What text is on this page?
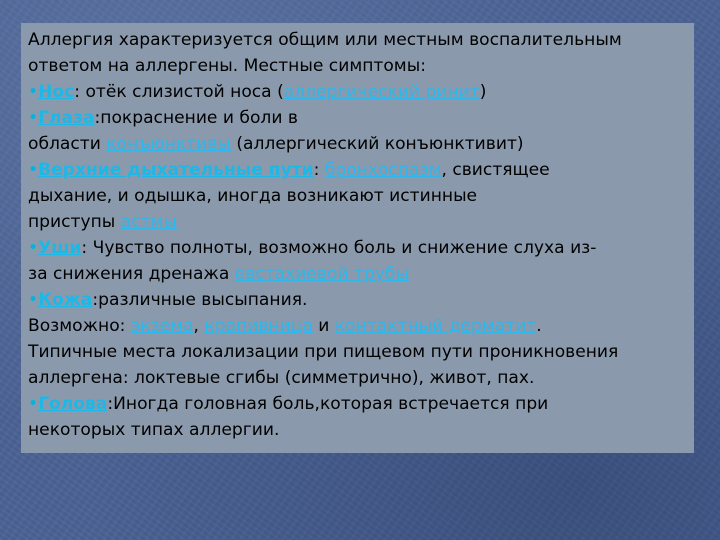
Аллергия характеризуется общим или местным воспалительным
ответом на аллергены. Местные симптомы:
•Нос: отёк слизистой носа (аллергический ринит)
•Глаза:покраснение и боли в
области конъюнктивы (аллергический конъюнктивит)
•Верхние дыхательные пути: бронхоспазм, свистящее
дыхание, и одышка, иногда возникают истинные
приступы астмы
•Уши: Чувство полноты, возможно боль и снижение слуха из-
за снижения дренажа евстахиевой трубы
•Кожа:различные высыпания.
Возможно: экзема, крапивница и контактный дерматит.
Типичные места локализации при пищевом пути проникновения
аллергена: локтевые сгибы (симметрично), живот, пах.
•Голова:Иногда головная боль,которая встречается при
некоторых типах аллергии.
